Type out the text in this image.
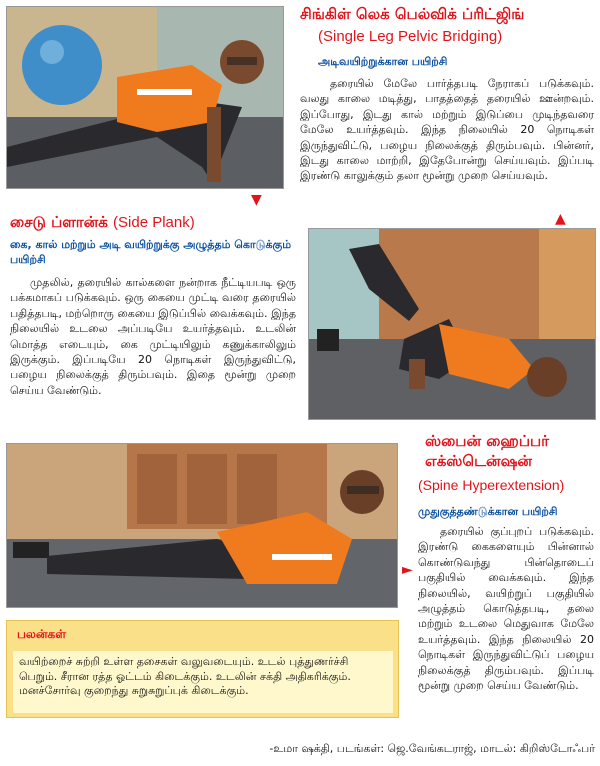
▼
சிங்கிள் லெக் பெல்விக் ப்ரிட்ஜிங்
(Single Leg Pelvic Bridging)
அடிவயிற்றுக்கான பயிற்சி
தரையில் மேலே பார்த்தபடி நேராகப் படுக்கவும். வலது காலை மடித்து, பாதத்தைத் தரையில் ஊன்றவும். இப்போது, இடது கால் மற்றும் இடுப்பை முடிந்தவரை மேலே உயர்த்தவும். இந்த நிலையில் 20 நொடிகள் இருந்துவிட்டு, பழைய நிலைக்குத் திரும்பவும். பின்னர், இடது காலை மாற்றி, இதேபோன்று செய்யவும். இப்படி இரண்டு காலுக்கும் தலா மூன்று முறை செய்யவும்.
▲
சைடு ப்ளான்க் (Side Plank)
கை, கால் மற்றும் அடி வயிற்றுக்கு அழுத்தம் கொடுக்கும் பயிற்சி
முதலில், தரையில் கால்களை நன்றாக நீட்டியபடி ஒரு பக்கமாகப் படுக்கவும். ஒரு கையை முட்டி வரை தரையில் பதித்தபடி, மற்றொரு கையை இடுப்பில் வைக்கவும். இந்த நிலையில் உடலை அப்படியே உயர்த்தவும். உடலின் மொத்த எடையும், கை முட்டியிலும் கணுக்காலிலும் இருக்கும். இப்படியே 20 நொடிகள் இருந்துவிட்டு, பழைய நிலைக்குத் திரும்பவும். இதை மூன்று முறை செய்ய வேண்டும்.
ஸ்பைன் ஹைப்பர்
எக்ஸ்டென்ஷன்
(Spine Hyperextension)
முதுகுத்தண்டுக்கான பயிற்சி
தரையில் குப்புறப் படுக்கவும். இரண்டு கைகளையும் பின்னால் கொண்டுவந்து பின்தொடைப் பகுதியில் வைக்கவும். இந்த நிலையில், வயிற்றுப் பகுதியில் அழுத்தம் கொடுத்தபடி, தலை மற்றும் உடலை மெதுவாக மேலே உயர்த்தவும். இந்த நிலையில் 20 நொடிகள் இருந்துவிட்டுப் பழைய நிலைக்குத் திரும்பவும். இப்படி மூன்று முறை செய்ய வேண்டும்.
►
பலன்கள்
வயிற்றைச் சுற்றி உள்ள தசைகள் வலுவடையும். உடல் புத்துணர்ச்சி பெறும். சீரான ரத்த ஓட்டம் கிடைக்கும். உடலின் சக்தி அதிகரிக்கும். மனச்சோர்வு குறைந்து சுறுசுறுப்புக் கிடைக்கும்.
-உமா ஷக்தி, படங்கள்: ஜெ.வேங்கடராஜ், மாடல்: கிறிஸ்டோஃபர்
